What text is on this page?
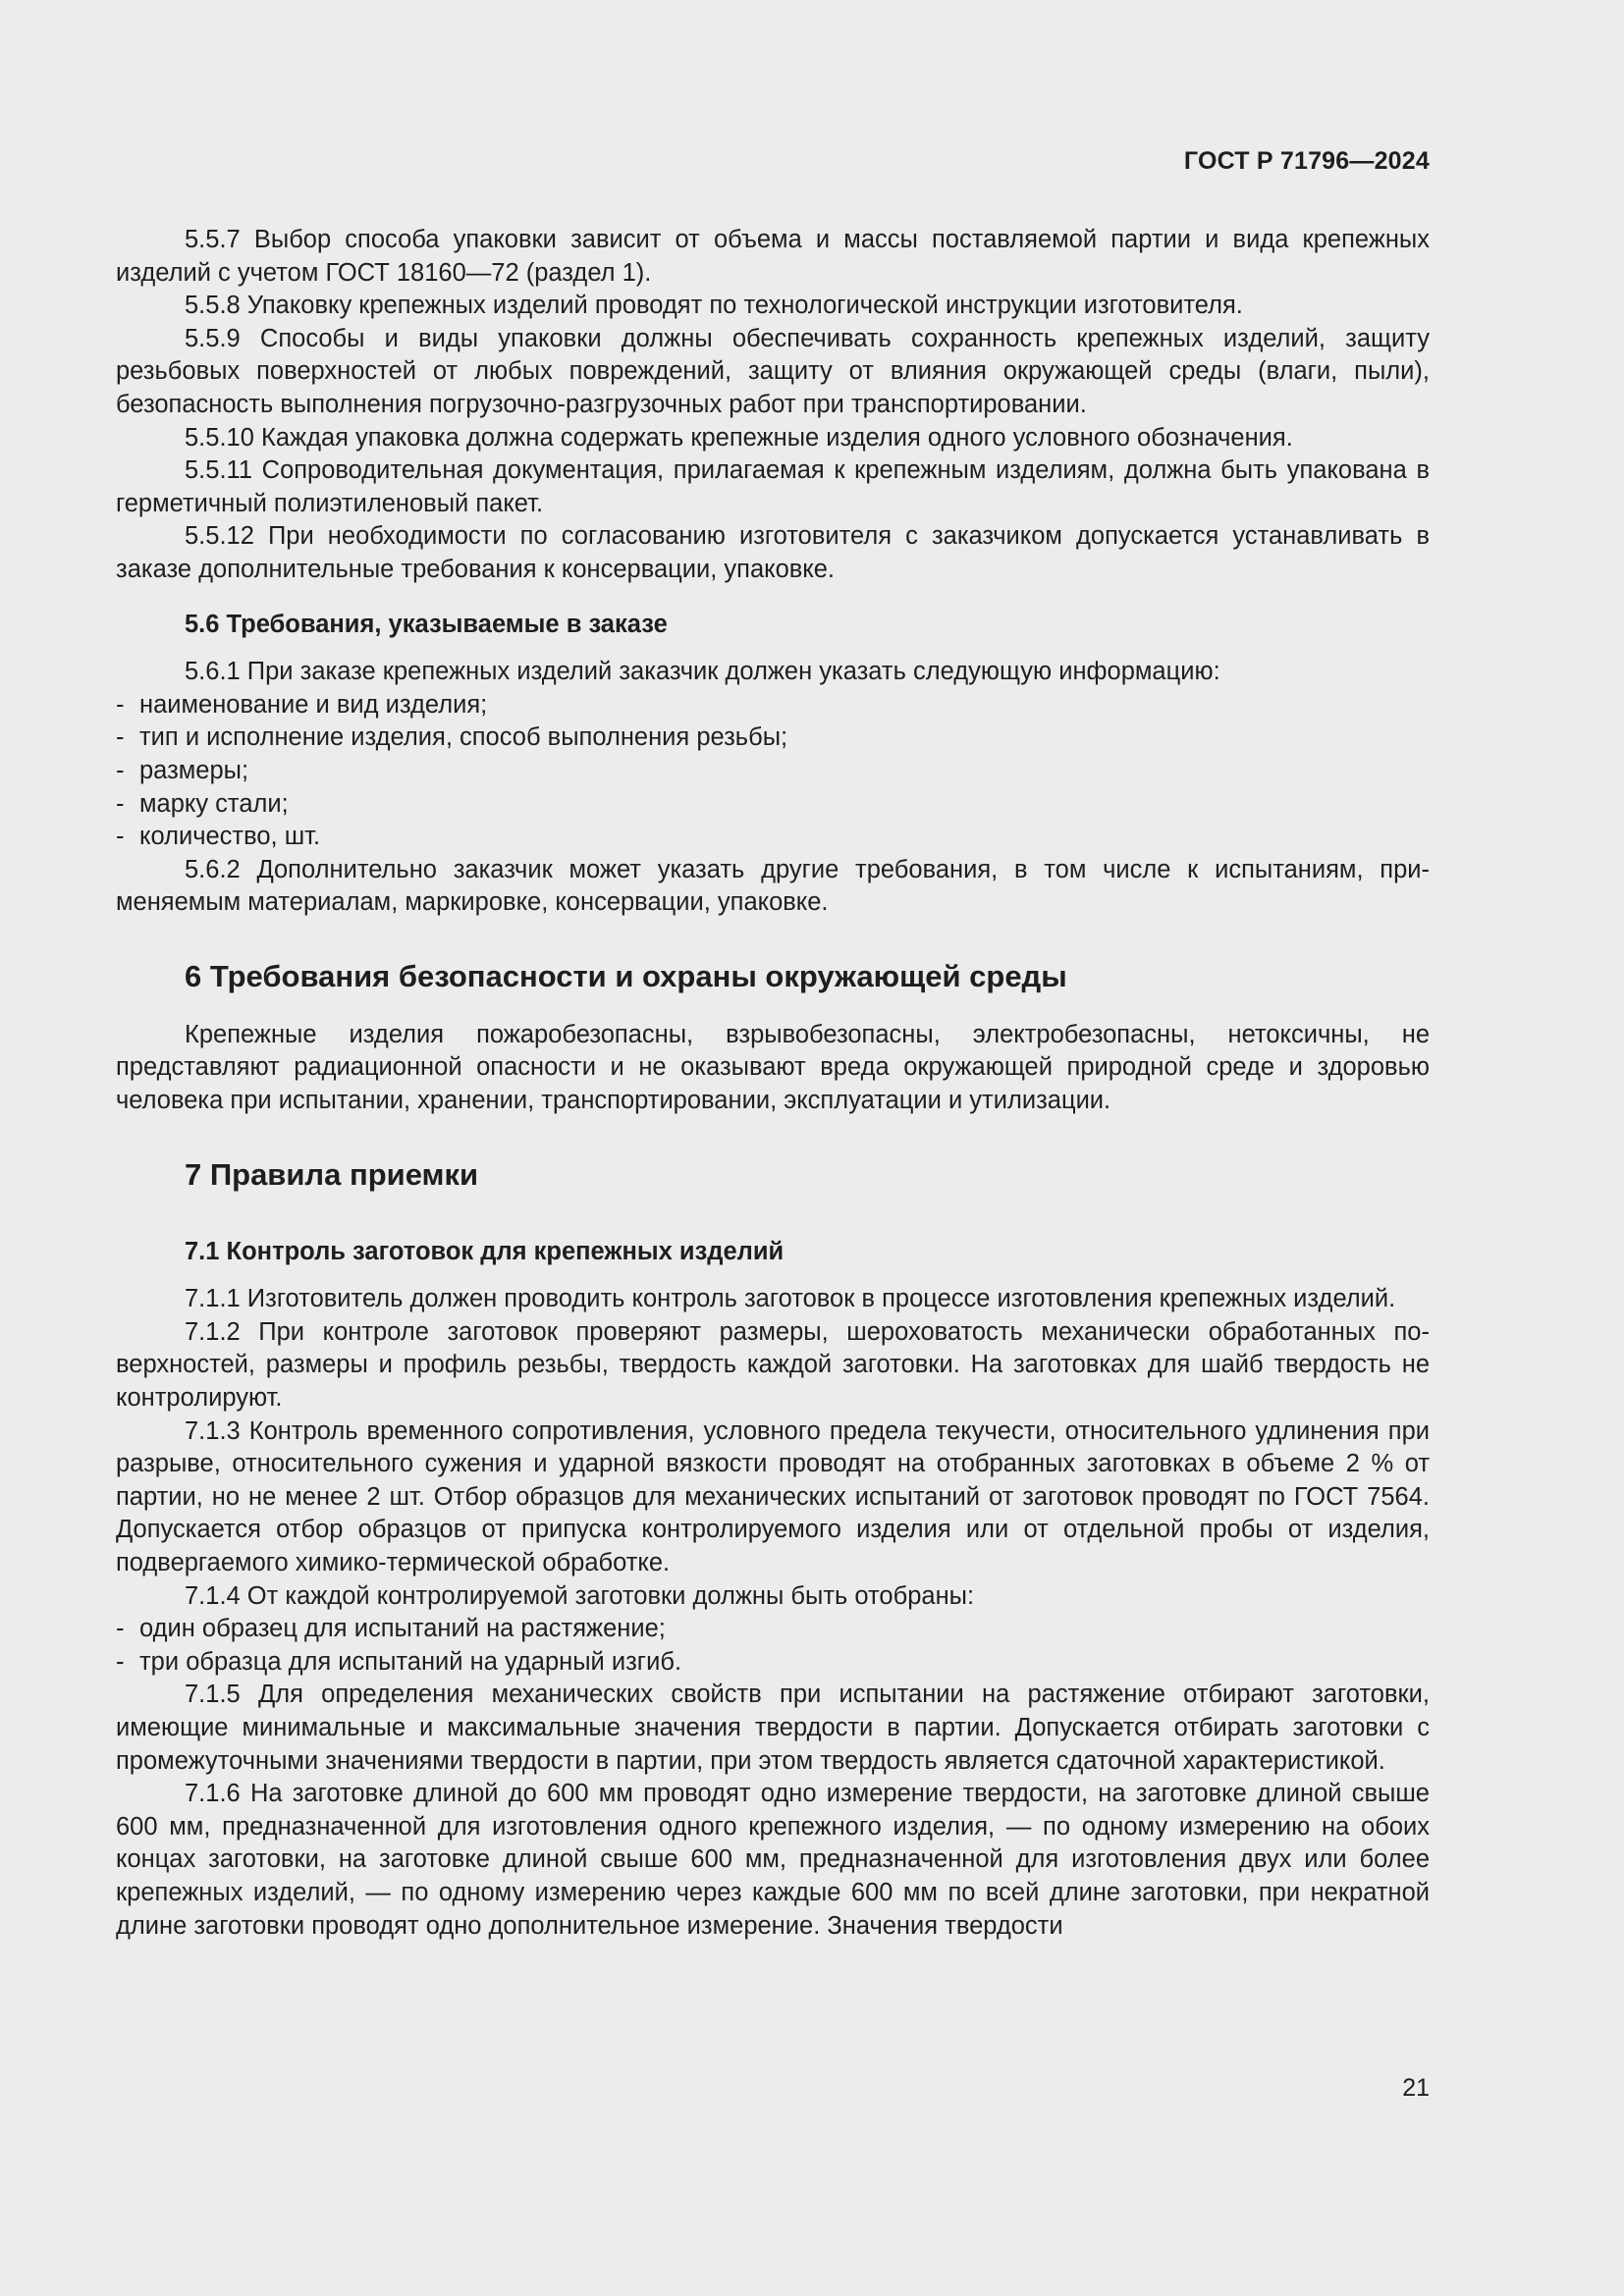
ГОСТ Р 71796—2024

5.5.7 Выбор способа упаковки зависит от объема и массы поставляемой партии и вида крепежных изделий с учетом ГОСТ 18160—72 (раздел 1).

5.5.8 Упаковку крепежных изделий проводят по технологической инструкции изготовителя.

5.5.9 Способы и виды упаковки должны обеспечивать сохранность крепежных изделий, защиту резьбовых поверхностей от любых повреждений, защиту от влияния окружающей среды (влаги, пыли), безопасность выполнения погрузочно-разгрузочных работ при транспортировании.

5.5.10 Каждая упаковка должна содержать крепежные изделия одного условного обозначения.

5.5.11 Сопроводительная документация, прилагаемая к крепежным изделиям, должна быть упакована в герметичный полиэтиленовый пакет.

5.5.12 При необходимости по согласованию изготовителя с заказчиком допускается устанавливать в заказе дополнительные требования к консервации, упаковке.

5.6 Требования, указываемые в заказе

5.6.1 При заказе крепежных изделий заказчик должен указать следующую информацию:

- наименование и вид изделия;

- тип и исполнение изделия, способ выполнения резьбы;

- размеры;

- марку стали;

- количество, шт.

5.6.2 Дополнительно заказчик может указать другие требования, в том числе к испытаниям, применяемым материалам, маркировке, консервации, упаковке.

6 Требования безопасности и охраны окружающей среды

Крепежные изделия пожаробезопасны, взрывобезопасны, электробезопасны, нетоксичны, не представляют радиационной опасности и не оказывают вреда окружающей природной среде и здоровью человека при испытании, хранении, транспортировании, эксплуатации и утилизации.

7 Правила приемки
7.1 Контроль заготовок для крепежных изделий

7.1.1 Изготовитель должен проводить контроль заготовок в процессе изготовления крепежных изделий.

7.1.2 При контроле заготовок проверяют размеры, шероховатость механически обработанных поверхностей, размеры и профиль резьбы, твердость каждой заготовки. На заготовках для шайб твердость не контролируют.

7.1.3 Контроль временного сопротивления, условного предела текучести, относительного удлинения при разрыве, относительного сужения и ударной вязкости проводят на отобранных заготовках в объеме 2 % от партии, но не менее 2 шт. Отбор образцов для механических испытаний от заготовок проводят по ГОСТ 7564. Допускается отбор образцов от припуска контролируемого изделия или от отдельной пробы от изделия, подвергаемого химико-термической обработке.

7.1.4 От каждой контролируемой заготовки должны быть отобраны:

- один образец для испытаний на растяжение;

- три образца для испытаний на ударный изгиб.

7.1.5 Для определения механических свойств при испытании на растяжение отбирают заготовки, имеющие минимальные и максимальные значения твердости в партии. Допускается отбирать заготовки с промежуточными значениями твердости в партии, при этом твердость является сдаточной характеристикой.

7.1.6 На заготовке длиной до 600 мм проводят одно измерение твердости, на заготовке длиной свыше 600 мм, предназначенной для изготовления одного крепежного изделия, — по одному измерению на обоих концах заготовки, на заготовке длиной свыше 600 мм, предназначенной для изготовления двух или более крепежных изделий, — по одному измерению через каждые 600 мм по всей длине заготовки, при некратной длине заготовки проводят одно дополнительное измерение. Значения твердости

21
